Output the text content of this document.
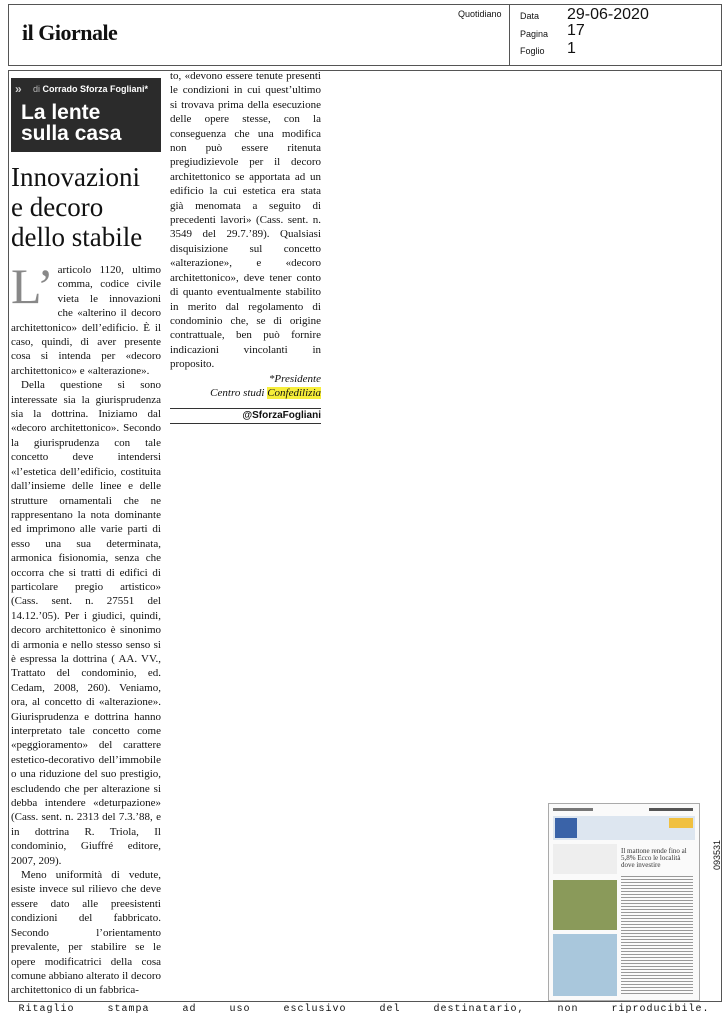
il Giornale
Quotidiano Data 29-06-2020
Pagina 17
Foglio 1
» di Corrado Sforza Fogliani*
La lente
sulla casa
Innovazioni
e decoro
dello stabile

L’ articolo 1120, ultimo comma, codice civile vieta le innovazioni che «alterino il decoro architettonico» dell’edificio. È il caso, quindi, di aver presente cosa si intenda per «decoro architettonico» e «alterazione».

Della questione si sono interessate sia la giurisprudenza sia la dottrina. Iniziamo dal «decoro architettonico». Secondo la giurisprudenza con tale concetto deve intendersi «l’estetica dell’edificio, costituita dall’insieme delle linee e delle strutture ornamentali che ne rappresentano la nota dominante ed imprimono alle varie parti di esso una sua determinata, armonica fisionomia, senza che occorra che si tratti di edifici di particolare pregio artistico» (Cass. sent. n. 27551 del 14.12.’05). Per i giudici, quindi, decoro architettonico è sinonimo di armonia e nello stesso senso si è espressa la dottrina ( AA. VV., Trattato del condominio, ed. Cedam, 2008, 260). Veniamo, ora, al concetto di «alterazione». Giurisprudenza e dottrina hanno interpretato tale concetto come «peggioramento» del carattere estetico-decorativo dell’immobile o una riduzione del suo prestigio, escludendo che per alterazione si debba intendere «deturpazione» (Cass. sent. n. 2313 del 7.3.’88, e in dottrina R. Triola, Il condominio, Giuffré editore, 2007, 209).

Meno uniformità di vedute, esiste invece sul rilievo che deve essere dato alle preesistenti condizioni del fabbricato. Secondo l’orientamento prevalente, per stabilire se le opere modificatrici della cosa comune abbiano alterato il decoro architettonico di un fabbrica-

to, «devono essere tenute presenti le condizioni in cui quest’ultimo si trovava prima della esecuzione delle opere stesse, con la conseguenza che una modifica non può essere ritenuta pregiudizievole per il decoro architettonico se apportata ad un edificio la cui estetica era stata già menomata a seguito di precedenti lavori» (Cass. sent. n. 3549 del 29.7.’89). Qualsiasi disquisizione sul concetto «alterazione», e «decoro architettonico», deve tener conto di quanto eventualmente stabilito in merito dal regolamento di condominio che, se di origine contrattuale, ben può fornire indicazioni vincolanti in proposito.

*Presidente

Centro studi Confedilizia

@SforzaFogliani
Il mattone rende fino al 5,8% Ecco le località dove investire	093531
Ritaglio stampa ad uso esclusivo del destinatario, non riproducibile.
